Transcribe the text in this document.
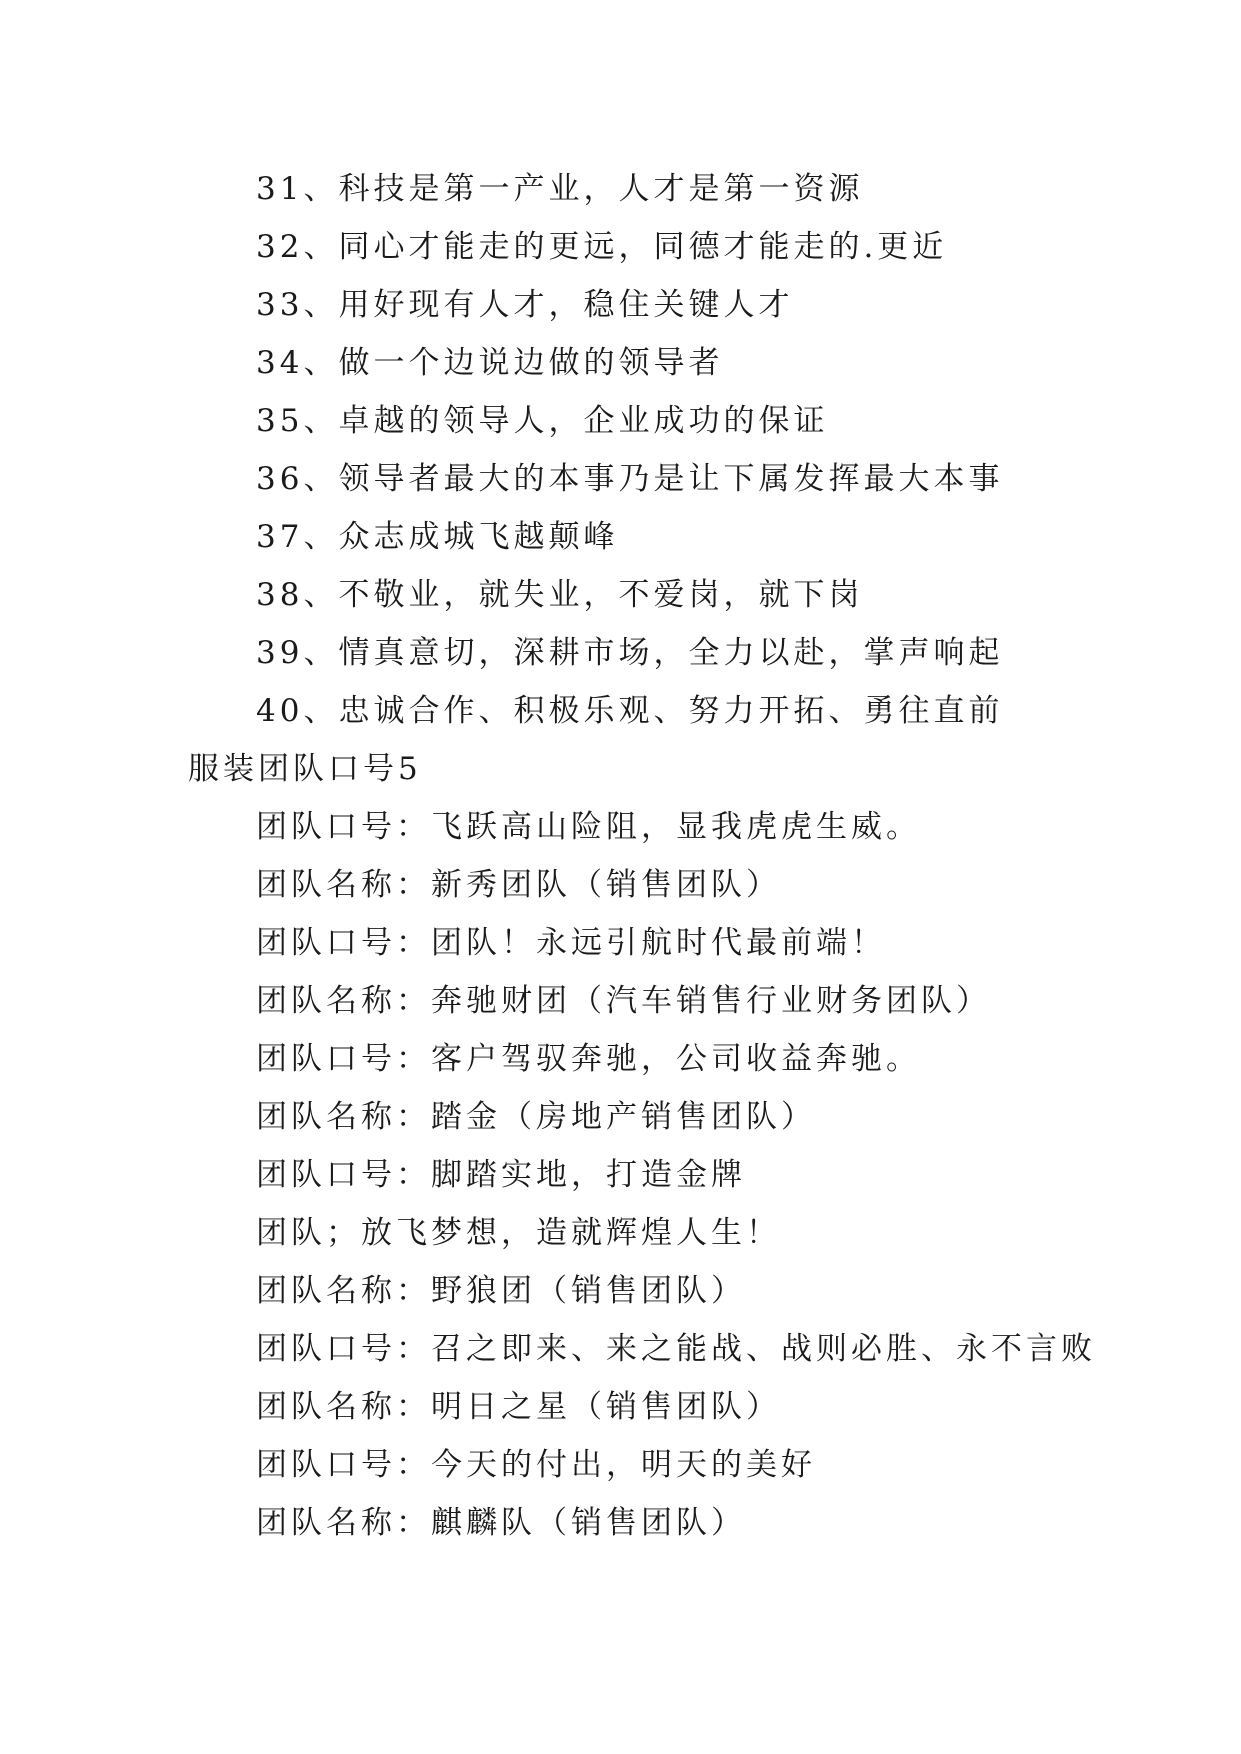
31、科技是第一产业，人才是第一资源
32、同心才能走的更远，同德才能走的.更近
33、用好现有人才，稳住关键人才
34、做一个边说边做的领导者
35、卓越的领导人，企业成功的保证
36、领导者最大的本事乃是让下属发挥最大本事
37、众志成城飞越颠峰
38、不敬业，就失业，不爱岗，就下岗
39、情真意切，深耕市场，全力以赴，掌声响起
40、忠诚合作、积极乐观、努力开拓、勇往直前
服装团队口号5
团队口号：飞跃高山险阻，显我虎虎生威。
团队名称：新秀团队（销售团队）
团队口号：团队！永远引航时代最前端！
团队名称：奔驰财团（汽车销售行业财务团队）
团队口号：客户驾驭奔驰，公司收益奔驰。
团队名称：踏金（房地产销售团队）
团队口号：脚踏实地，打造金牌
团队；放飞梦想，造就辉煌人生！
团队名称：野狼团（销售团队）
团队口号：召之即来、来之能战、战则必胜、永不言败
团队名称：明日之星（销售团队）
团队口号：今天的付出，明天的美好
团队名称：麒麟队（销售团队）
